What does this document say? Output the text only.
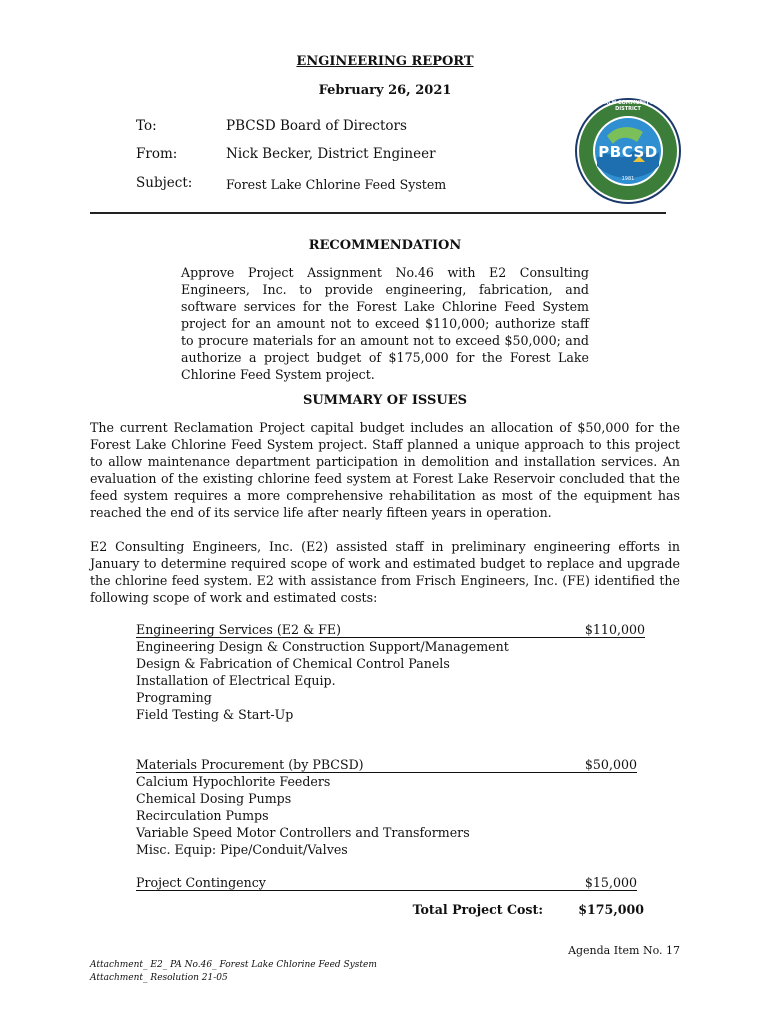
ENGINEERING REPORT
February 26, 2021
To:	PBCSD Board of Directors
From:	Nick Becker, District Engineer
Subject:	Forest Lake Chlorine Feed System
PBCSD
1981
PEBBLE BEACH COMMUNITY SERVICES DISTRICT
RECOMMENDATION
Approve Project Assignment No.46 with E2 Consulting Engineers, Inc. to provide engineering, fabrication, and software services for the Forest Lake Chlorine Feed System project for an amount not to exceed $110,000; authorize staff to procure materials for an amount not to exceed $50,000; and authorize a project budget of $175,000 for the Forest Lake Chlorine Feed System project.
SUMMARY OF ISSUES
The current Reclamation Project capital budget includes an allocation of $50,000 for the Forest Lake Chlorine Feed System project. Staff planned a unique approach to this project to allow maintenance department participation in demolition and installation services. An evaluation of the existing chlorine feed system at Forest Lake Reservoir concluded that the feed system requires a more comprehensive rehabilitation as most of the equipment has reached the end of its service life after nearly fifteen years in operation.
E2 Consulting Engineers, Inc. (E2) assisted staff in preliminary engineering efforts in January to determine required scope of work and estimated budget to replace and upgrade the chlorine feed system. E2 with assistance from Frisch Engineers, Inc. (FE) identified the following scope of work and estimated costs:
Engineering Services (E2 & FE)	$110,000
Engineering Design & Construction Support/Management
Design & Fabrication of Chemical Control Panels
Installation of Electrical Equip.
Programing
Field Testing & Start-Up
Materials Procurement (by PBCSD)	$50,000
Calcium Hypochlorite Feeders
Chemical Dosing Pumps
Recirculation Pumps
Variable Speed Motor Controllers and Transformers
Misc. Equip: Pipe/Conduit/Valves
Project Contingency	$15,000
Total Project Cost:	$175,000
Agenda Item No. 17
Attachment_ E2_ PA No.46_ Forest Lake Chlorine Feed System
Attachment_ Resolution 21-05
